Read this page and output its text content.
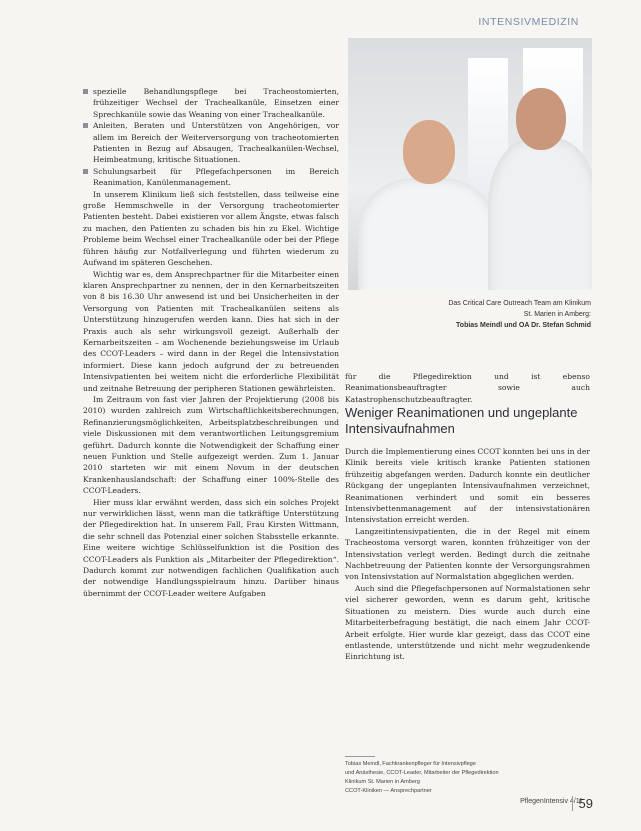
INTENSIVMEDIZIN
spezielle Behandlungspflege bei Tracheostomierten, frühzeitiger Wechsel der Trachealkanüle, Einsetzen einer Sprechkanüle sowie das Weaning von einer Trachealkanüle.
Anleiten, Beraten und Unterstützen von Angehörigen, vor allem im Bereich der Weiterversorgung von tracheotomierten Patienten in Bezug auf Absaugen, Trachealkanülen-Wechsel, Heimbeatmung, kritische Situationen.
Schulungsarbeit für Pflegefachpersonen im Bereich Reanimation, Kanülenmanagement.

In unserem Klinikum ließ sich feststellen, dass teilweise eine große Hemmschwelle in der Versorgung tracheotomierter Patienten besteht. Dabei existieren vor allem Ängste, etwas falsch zu machen, den Patienten zu schaden bis hin zu Ekel. Wichtige Probleme beim Wechsel einer Trachealkanüle oder bei der Pflege führen häufig zur Notfallverlegung und führten wiederum zu Aufwand im späteren Geschehen.

Wichtig war es, dem Ansprechpartner für die Mitarbeiter einen klaren Ansprechpartner zu nennen, der in den Kernarbeitszeiten von 8 bis 16.30 Uhr anwesend ist und bei Unsicherheiten in der Versorgung von Patienten mit Trachealkanülen seitens als Unterstützung hinzugerufen werden kann. Dies hat sich in der Praxis auch als sehr wirkungsvoll gezeigt. Außerhalb der Kernarbeitszeiten – am Wochenende beziehungsweise im Urlaub des CCOT-Leaders – wird dann in der Regel die Intensivstation informiert. Diese kann jedoch aufgrund der zu betreuenden Intensivpatienten bei weitem nicht die erforderliche Flexibilität und zeitnahe Betreuung der peripheren Stationen gewährleisten.

Im Zeitraum von fast vier Jahren der Projektierung (2008 bis 2010) wurden zahlreich zum Wirtschaftlichkeitsberechnungen, Refinanzierungsmöglichkeiten, Arbeitsplatzbeschreibungen und viele Diskussionen mit dem verantwortlichen Leitungsgremium geführt. Dadurch konnte die Notwendigkeit der Schaffung einer neuen Funktion und Stelle aufgezeigt werden. Zum 1. Januar 2010 starteten wir mit einem Novum in der deutschen Krankenhauslandschaft: der Schaffung einer 100%-Stelle des CCOT-Leaders.

Hier muss klar erwähnt werden, dass sich ein solches Projekt nur verwirklichen lässt, wenn man die tatkräftige Unterstützung der Pflegedirektion hat. In unserem Fall, Frau Kirsten Wittmann, die sehr schnell das Potenzial einer solchen Stabsstelle erkannte. Eine weitere wichtige Schlüsselfunktion ist die Position des CCOT-Leaders als Funktion als „Mitarbeiter der Pflegedirektion“. Dadurch kommt zur notwendigen fachlichen Qualifikation auch der notwendige Handlungsspielraum hinzu. Darüber hinaus übernimmt der CCOT-Leader weitere Aufgaben

Das Critical Care Outreach Team am Klinikum
St. Marien in Amberg:
Tobias Meindl und OA Dr. Stefan Schmid

für die Pflegedirektion und ist ebenso Reanimationsbeauftragter sowie auch Katastrophenschutzbeauftragter.

Weniger Reanimationen und ungeplante Intensivaufnahmen

Durch die Implementierung eines CCOT konnten bei uns in der Klinik bereits viele kritisch kranke Patienten stationen frühzeitig abgefangen werden. Dadurch konnte ein deutlicher Rückgang der ungeplanten Intensivaufnahmen verzeichnet, Reanimationen verhindert und somit ein besseres Intensivbettenmanagement auf der intensivstationären Intensivstation erreicht werden.

Langzeitintensivpatienten, die in der Regel mit einem Tracheostoma versorgt waren, konnten frühzeitiger von der Intensivstation verlegt werden. Bedingt durch die zeitnahe Nachbetreuung der Patienten konnte der Versorgungsrahmen von Intensivstation auf Normalstation abgeglichen werden.

Auch sind die Pflegefachpersonen auf Normalstationen sehr viel sicherer geworden, wenn es darum geht, kritische Situationen zu meistern. Dies wurde auch durch eine Mitarbeiterbefragung bestätigt, die nach einem Jahr CCOT-Arbeit erfolgte. Hier wurde klar gezeigt, dass das CCOT eine entlastende, unterstützende und nicht mehr wegzudenkende Einrichtung ist.

Tobias Meindl, Fachkrankenpfleger für Intensivpflege
und Anästhesie, CCOT-Leader, Mitarbeiter der Pflegedirektion
Klinikum St. Marien in Amberg
CCOT-Kliniken — Ansprechpartner
PflegenIntensiv 4/11
59
